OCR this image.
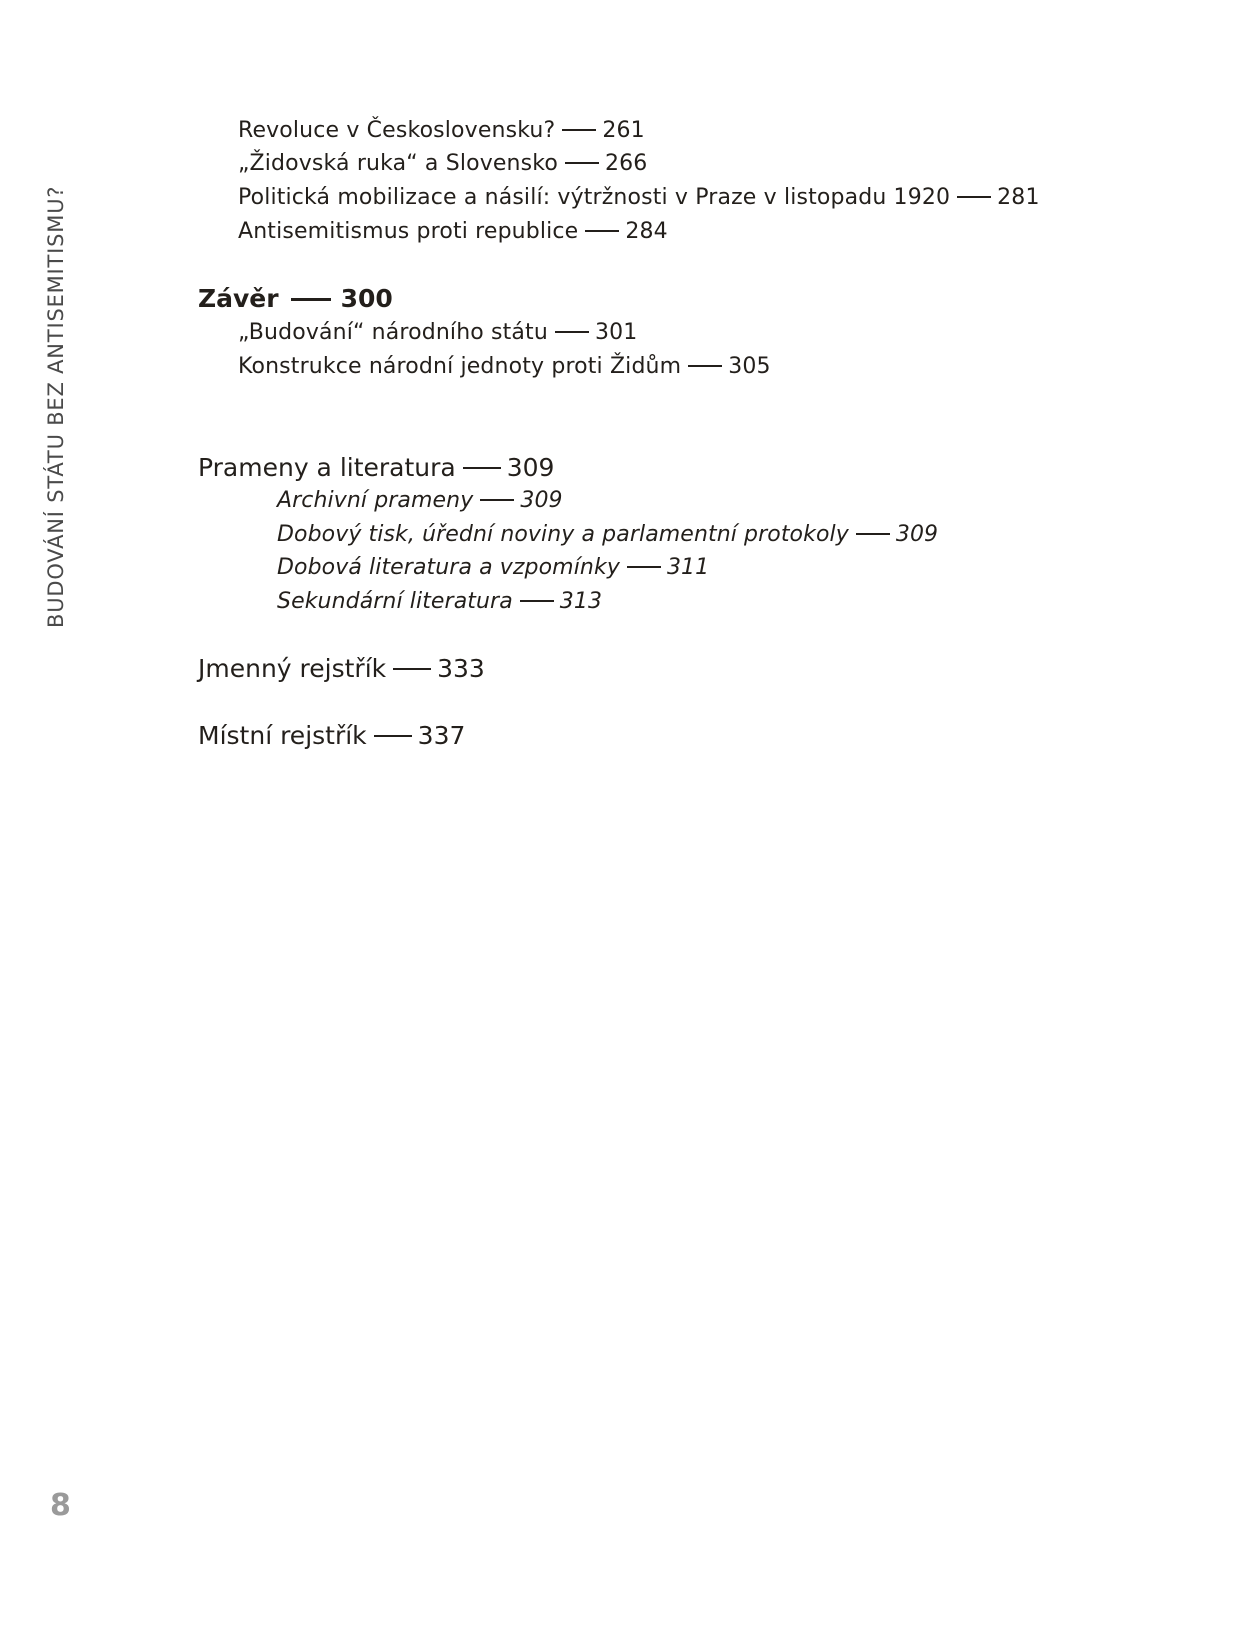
BUDOVÁNÍ STÁTU BEZ ANTISEMITISMU?
Revoluce v Československu? 261
„Židovská ruka“ a Slovensko 266
Politická mobilizace a násilí: výtržnosti v Praze v listopadu 1920 281
Antisemitismus proti republice 284
Závěr 300
„Budování“ národního státu 301
Konstrukce národní jednoty proti Židům 305
Prameny a literatura 309
Archivní prameny 309
Dobový tisk, úřední noviny a parlamentní protokoly 309
Dobová literatura a vzpomínky 311
Sekundární literatura 313
Jmenný rejstřík 333
Místní rejstřík 337
8
